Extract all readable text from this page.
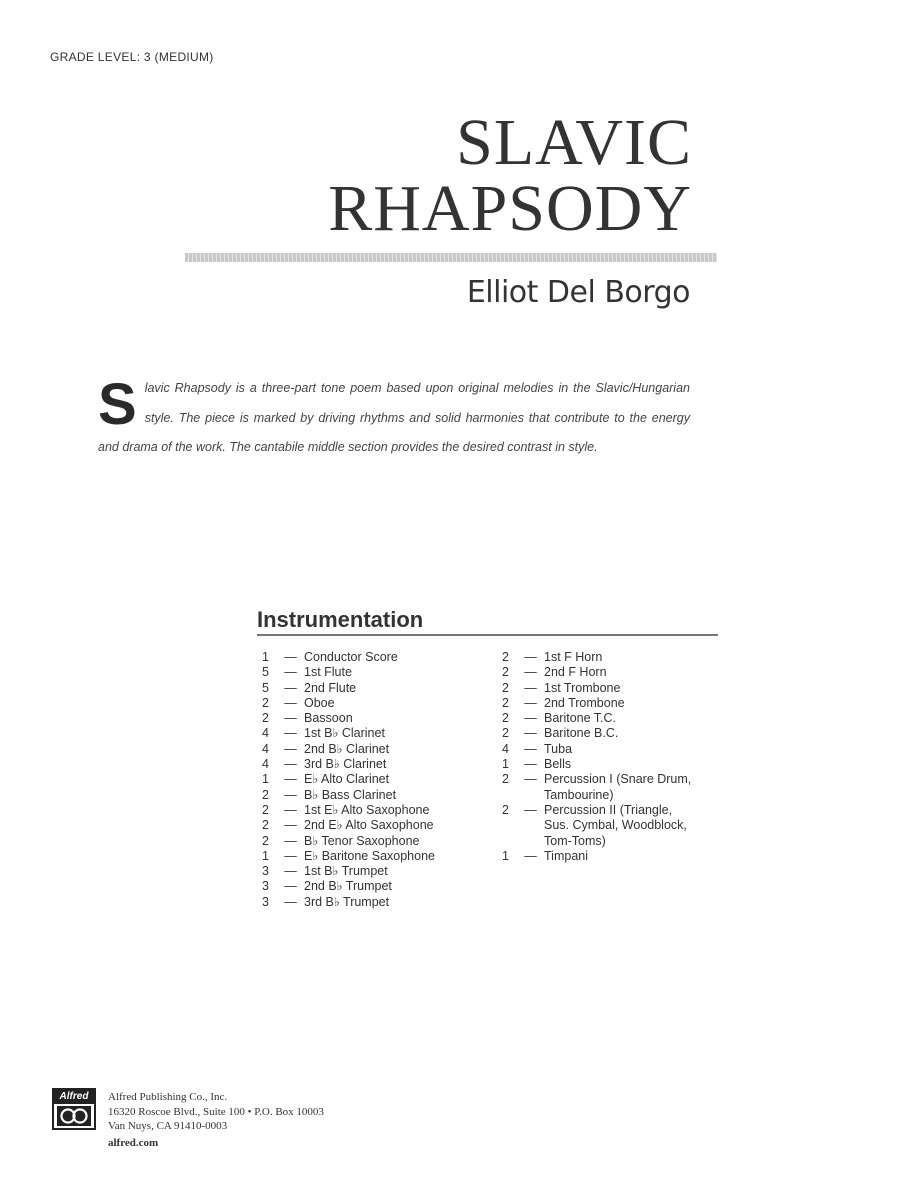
GRADE LEVEL: 3 (MEDIUM)
SLAVIC
RHAPSODY
Elliot Del Borgo
S lavic Rhapsody is a three-part tone poem based upon original melodies in the Slavic/Hungarian style. The piece is marked by driving rhythms and solid harmonies that contribute to the energy and drama of the work. The cantabile middle section provides the desired contrast in style.
Instrumentation
1	— Conductor Score
5	— 1st Flute
5	— 2nd Flute
2	— Oboe
2	— Bassoon
4	— 1st B♭ Clarinet
4	— 2nd B♭ Clarinet
4	— 3rd B♭ Clarinet
1	— E♭ Alto Clarinet
2	— B♭ Bass Clarinet
2	— 1st E♭ Alto Saxophone
2	— 2nd E♭ Alto Saxophone
2	— B♭ Tenor Saxophone
1	— E♭ Baritone Saxophone
3	— 1st B♭ Trumpet
3	— 2nd B♭ Trumpet
3	— 3rd B♭ Trumpet
2	— 1st F Horn
2	— 2nd F Horn
2	— 1st Trombone
2	— 2nd Trombone
2	— Baritone T.C.
2	— Baritone B.C.
4	— Tuba
1	— Bells
2	— Percussion I (Snare Drum,
Tambourine)
2	— Percussion II (Triangle,
Sus. Cymbal, Woodblock,
Tom-Toms)
1	— Timpani
Alfred	Alfred Publishing Co., Inc.
16320 Roscoe Blvd., Suite 100 • P.O. Box 10003
Van Nuys, CA 91410-0003
alfred.com
